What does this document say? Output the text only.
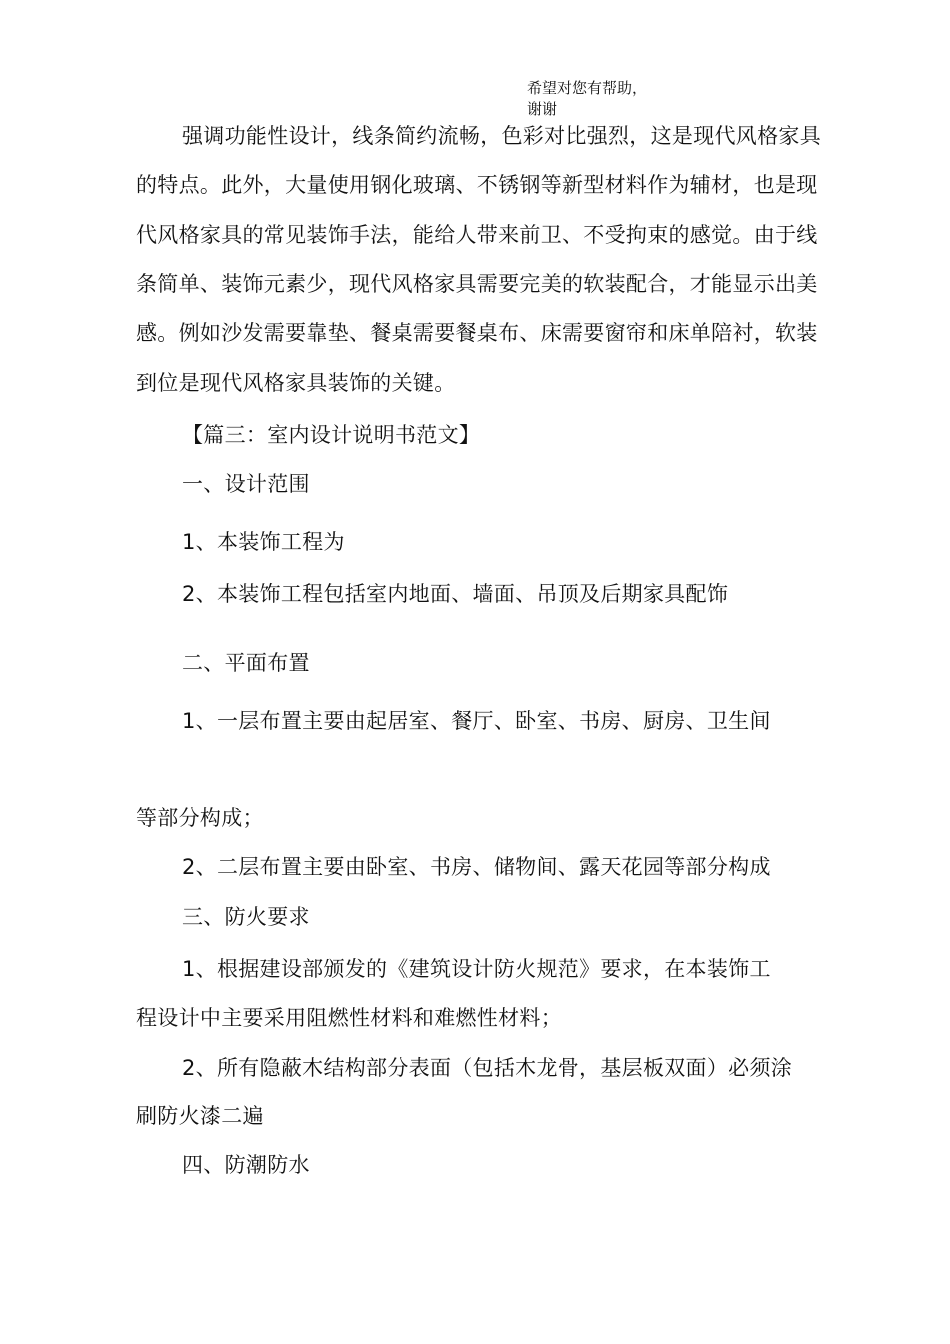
希望对您有帮助，
谢谢
强调功能性设计，线条简约流畅，色彩对比强烈，这是现代风格家具
的特点。此外，大量使用钢化玻璃、不锈钢等新型材料作为辅材，也是现
代风格家具的常见装饰手法，能给人带来前卫、不受拘束的感觉。由于线
条简单、装饰元素少，现代风格家具需要完美的软装配合，才能显示出美
感。例如沙发需要靠垫、餐桌需要餐桌布、床需要窗帘和床单陪衬，软装
到位是现代风格家具装饰的关键。
【篇三：室内设计说明书范文】
一、设计范围
1、本装饰工程为
2、本装饰工程包括室内地面、墙面、吊顶及后期家具配饰
二、平面布置
1、一层布置主要由起居室、餐厅、卧室、书房、厨房、卫生间
等部分构成；
2、二层布置主要由卧室、书房、储物间、露天花园等部分构成
三、防火要求
1、根据建设部颁发的《建筑设计防火规范》要求，在本装饰工
程设计中主要采用阻燃性材料和难燃性材料；
2、所有隐蔽木结构部分表面（包括木龙骨，基层板双面）必须涂
刷防火漆二遍
四、防潮防水
